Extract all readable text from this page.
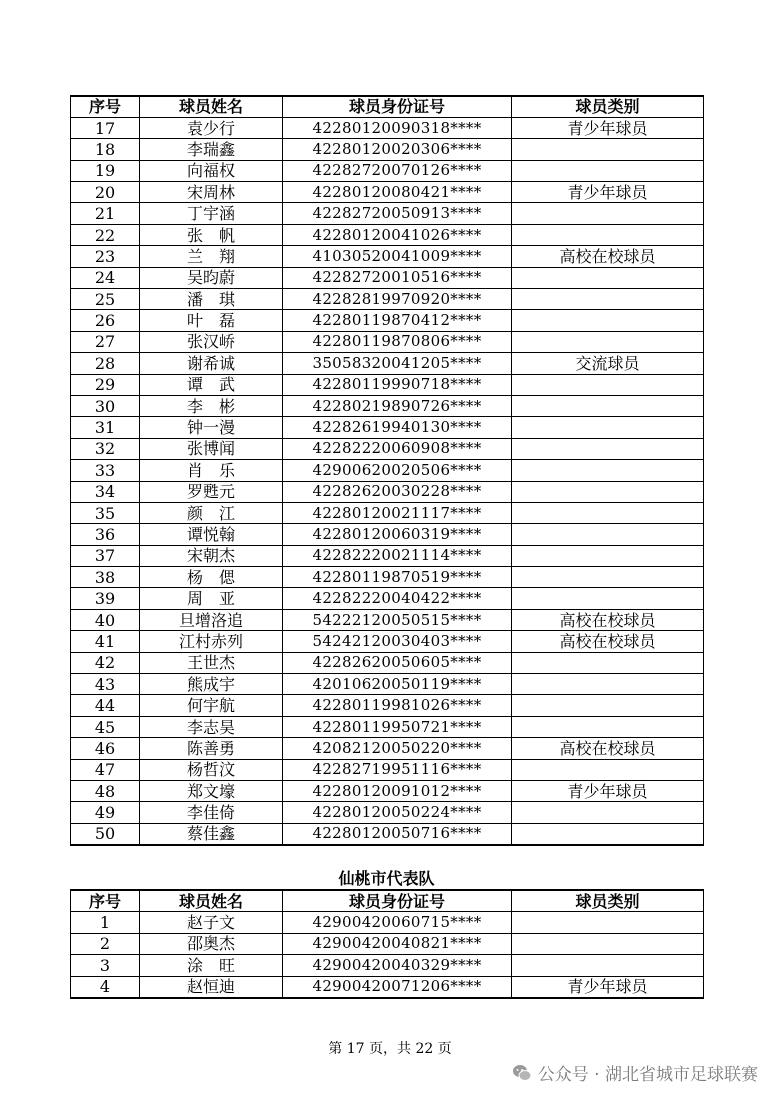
序号	球员姓名	球员身份证号	球员类别
17	袁少行	42280120090318****	青少年球员
18	李瑞鑫	42280120020306****	
19	向福权	42282720070126****	
20	宋周林	42280120080421****	青少年球员
21	丁宇涵	42282720050913****	
22	张　帆	42280120041026****	
23	兰　翔	41030520041009****	高校在校球员
24	吴昀蔚	42282720010516****	
25	潘　琪	42282819970920****	
26	叶　磊	42280119870412****	
27	张汉峤	42280119870806****	
28	谢希诚	35058320041205****	交流球员
29	谭　武	42280119990718****	
30	李　彬	42280219890726****	
31	钟一漫	42282619940130****	
32	张博闻	42282220060908****	
33	肖　乐	42900620020506****	
34	罗甦元	42282620030228****	
35	颜　江	42280120021117****	
36	谭悦翰	42280120060319****	
37	宋朝杰	42282220021114****	
38	杨　偲	42280119870519****	
39	周　亚	42282220040422****	
40	旦增洛追	54222120050515****	高校在校球员
41	江村赤列	54242120030403****	高校在校球员
42	王世杰	42282620050605****	
43	熊成宇	42010620050119****	
44	何宇航	42280119981026****	
45	李志昊	42280119950721****	
46	陈善勇	42082120050220****	高校在校球员
47	杨哲汶	42282719951116****	
48	郑文壕	42280120091012****	青少年球员
49	李佳倚	42280120050224****	
50	蔡佳鑫	42280120050716****	
仙桃市代表队
序号	球员姓名	球员身份证号	球员类别
1	赵子文	42900420060715****	
2	邵奥杰	42900420040821****	
3	涂　旺	42900420040329****	
4	赵恒迪	42900420071206****	青少年球员
第 17 页，共 22 页
公众号 · 湖北省城市足球联赛
